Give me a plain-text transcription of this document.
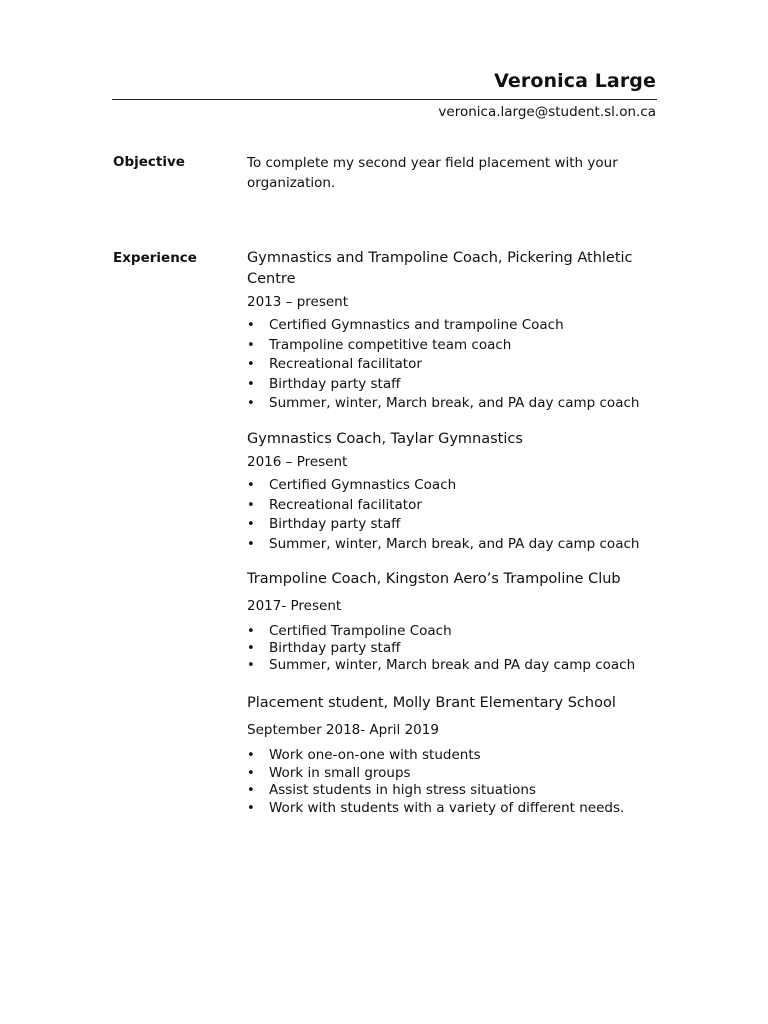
Veronica Large
veronica.large@student.sl.on.ca
Objective	To complete my second year field placement with your organization.
Experience	Gymnastics and Trampoline Coach, Pickering Athletic Centre

2013 – present

• Certified Gymnastics and trampoline Coach
• Trampoline competitive team coach
• Recreational facilitator
• Birthday party staff
• Summer, winter, March break, and PA day camp coach

Gymnastics Coach, Taylar Gymnastics

2016 – Present

• Certified Gymnastics Coach
• Recreational facilitator
• Birthday party staff
• Summer, winter, March break, and PA day camp coach

Trampoline Coach, Kingston Aero’s Trampoline Club

2017- Present

• Certified Trampoline Coach
• Birthday party staff
• Summer, winter, March break and PA day camp coach

Placement student, Molly Brant Elementary School

September 2018- April 2019

• Work one-on-one with students
• Work in small groups
• Assist students in high stress situations
• Work with students with a variety of different needs.
